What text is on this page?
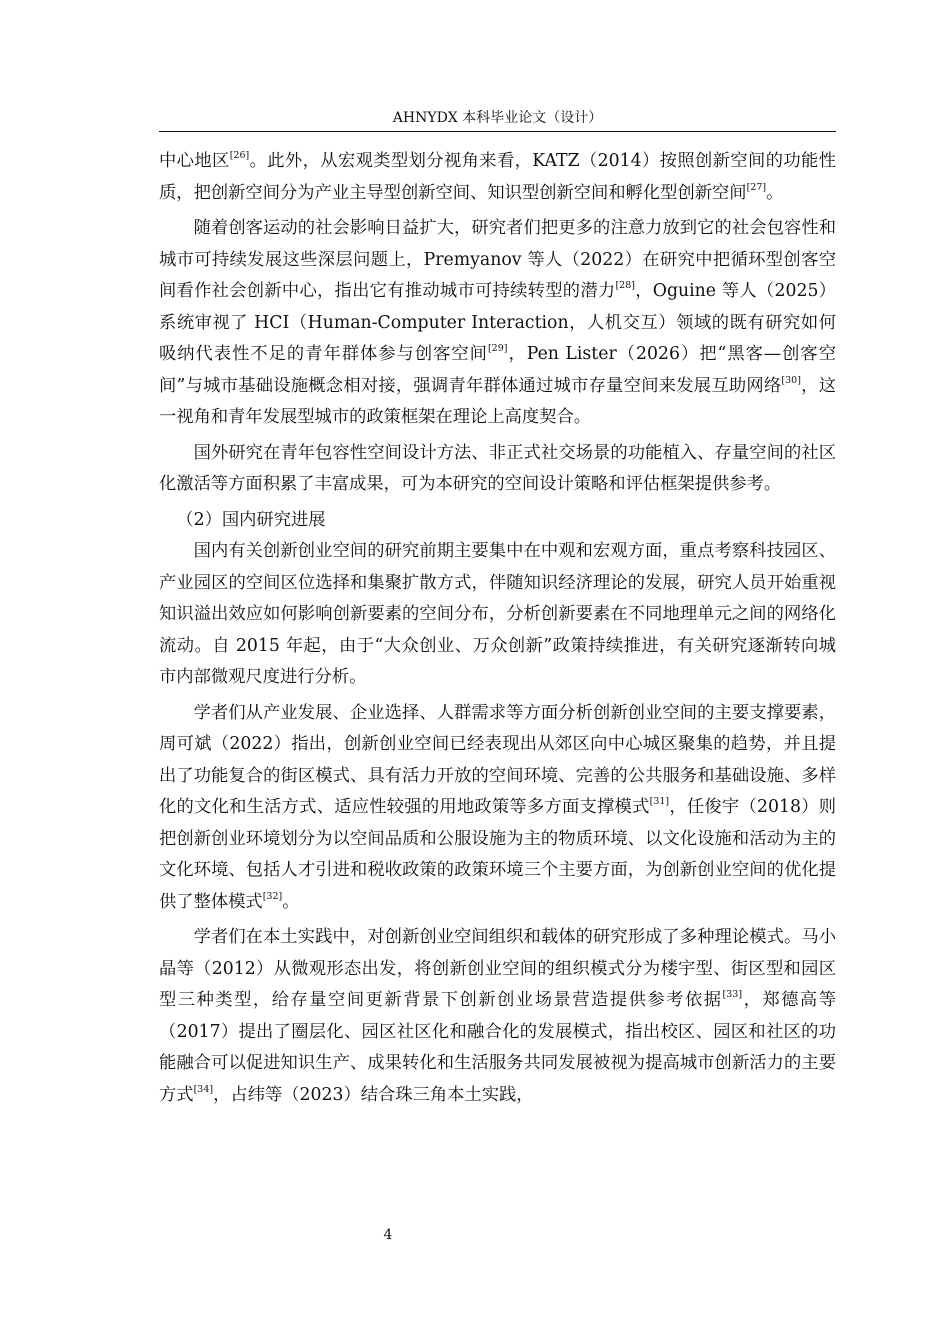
AHNYDX 本科毕业论文（设计）

中心地区[26]。此外，从宏观类型划分视角来看，KATZ（2014）按照创新空间的功能性质，把创新空间分为产业主导型创新空间、知识型创新空间和孵化型创新空间[27]。

随着创客运动的社会影响日益扩大，研究者们把更多的注意力放到它的社会包容性和城市可持续发展这些深层问题上，Premyanov 等人（2022）在研究中把循环型创客空间看作社会创新中心，指出它有推动城市可持续转型的潜力[28]，Oguine 等人（2025）系统审视了 HCI（Human-Computer Interaction，人机交互）领域的既有研究如何吸纳代表性不足的青年群体参与创客空间[29]，Pen Lister（2026）把“黑客—创客空间”与城市基础设施概念相对接，强调青年群体通过城市存量空间来发展互助网络[30]，这一视角和青年发展型城市的政策框架在理论上高度契合。

国外研究在青年包容性空间设计方法、非正式社交场景的功能植入、存量空间的社区化激活等方面积累了丰富成果，可为本研究的空间设计策略和评估框架提供参考。

（2）国内研究进展

国内有关创新创业空间的研究前期主要集中在中观和宏观方面，重点考察科技园区、产业园区的空间区位选择和集聚扩散方式，伴随知识经济理论的发展，研究人员开始重视知识溢出效应如何影响创新要素的空间分布，分析创新要素在不同地理单元之间的网络化流动。自 2015 年起，由于“大众创业、万众创新”政策持续推进，有关研究逐渐转向城市内部微观尺度进行分析。

学者们从产业发展、企业选择、人群需求等方面分析创新创业空间的主要支撑要素，周可斌（2022）指出，创新创业空间已经表现出从郊区向中心城区聚集的趋势，并且提出了功能复合的街区模式、具有活力开放的空间环境、完善的公共服务和基础设施、多样化的文化和生活方式、适应性较强的用地政策等多方面支撑模式[31]，任俊宇（2018）则把创新创业环境划分为以空间品质和公服设施为主的物质环境、以文化设施和活动为主的文化环境、包括人才引进和税收政策的政策环境三个主要方面，为创新创业空间的优化提供了整体模式[32]。

学者们在本土实践中，对创新创业空间组织和载体的研究形成了多种理论模式。马小晶等（2012）从微观形态出发，将创新创业空间的组织模式分为楼宇型、街区型和园区型三种类型，给存量空间更新背景下创新创业场景营造提供参考依据[33]，郑德高等（2017）提出了圈层化、园区社区化和融合化的发展模式，指出校区、园区和社区的功能融合可以促进知识生产、成果转化和生活服务共同发展被视为提高城市创新活力的主要方式[34]，占纬等（2023）结合珠三角本土实践，

4
